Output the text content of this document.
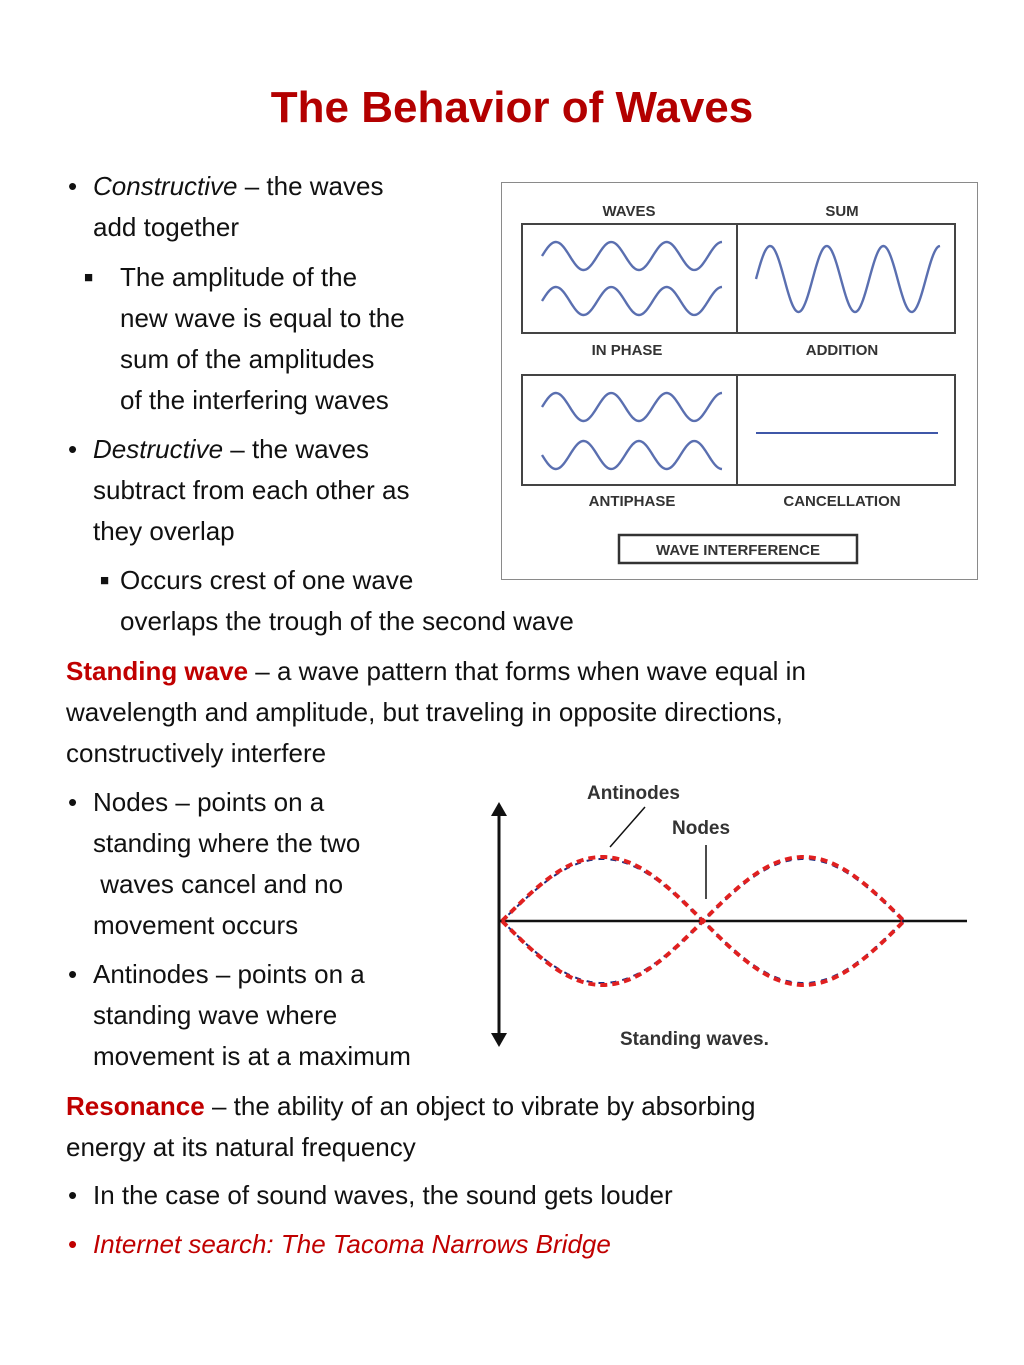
The Behavior of Waves
• Constructive – the waves
add together
■ The amplitude of the
new wave is equal to the
sum of the amplitudes
of the interfering waves
• Destructive – the waves
subtract from each other as
they overlap
■ Occurs crest of one wave
overlaps the trough of the second wave
Standing wave – a wave pattern that forms when wave equal in
wavelength and amplitude, but traveling in opposite directions,
constructively interfere
• Nodes – points on a
standing where the two
waves cancel and no
movement occurs
• Antinodes – points on a
standing wave where
movement is at a maximum
Resonance – the ability of an object to vibrate by absorbing
energy at its natural frequency
• In the case of sound waves, the sound gets louder
• Internet search: The Tacoma Narrows Bridge
WAVES	SUM
IN PHASE	ADDITION
ANTIPHASE	CANCELLATION
WAVE INTERFERENCE
Antinodes
Nodes
Standing waves.
